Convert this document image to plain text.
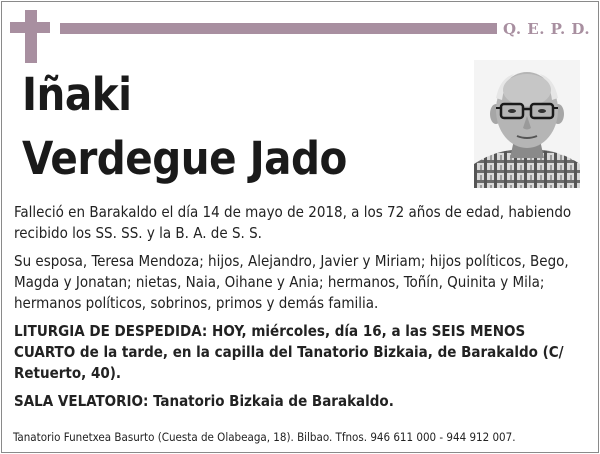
Q. E. P. D.
Iñaki
Verdegue Jado
Falleció en Barakaldo el día 14 de mayo de 2018, a los 72 años de edad, habiendo recibido los SS. SS. y la B. A. de S. S.
Su esposa, Teresa Mendoza; hijos, Alejandro, Javier y Miriam; hijos políticos, Bego, Magda y Jonatan; nietas, Naia, Oihane y Ania; hermanos, Toñín, Quinita y Mila; hermanos políticos, sobrinos, primos y demás familia.
LITURGIA DE DESPEDIDA: HOY, miércoles, día 16, a las SEIS MENOS CUARTO de la tarde, en la capilla del Tanatorio Bizkaia, de Barakaldo (C/ Retuerto, 40).
SALA VELATORIO: Tanatorio Bizkaia de Barakaldo.
Tanatorio Funetxea Basurto (Cuesta de Olabeaga, 18). Bilbao. Tfnos. 946 611 000 - 944 912 007.
